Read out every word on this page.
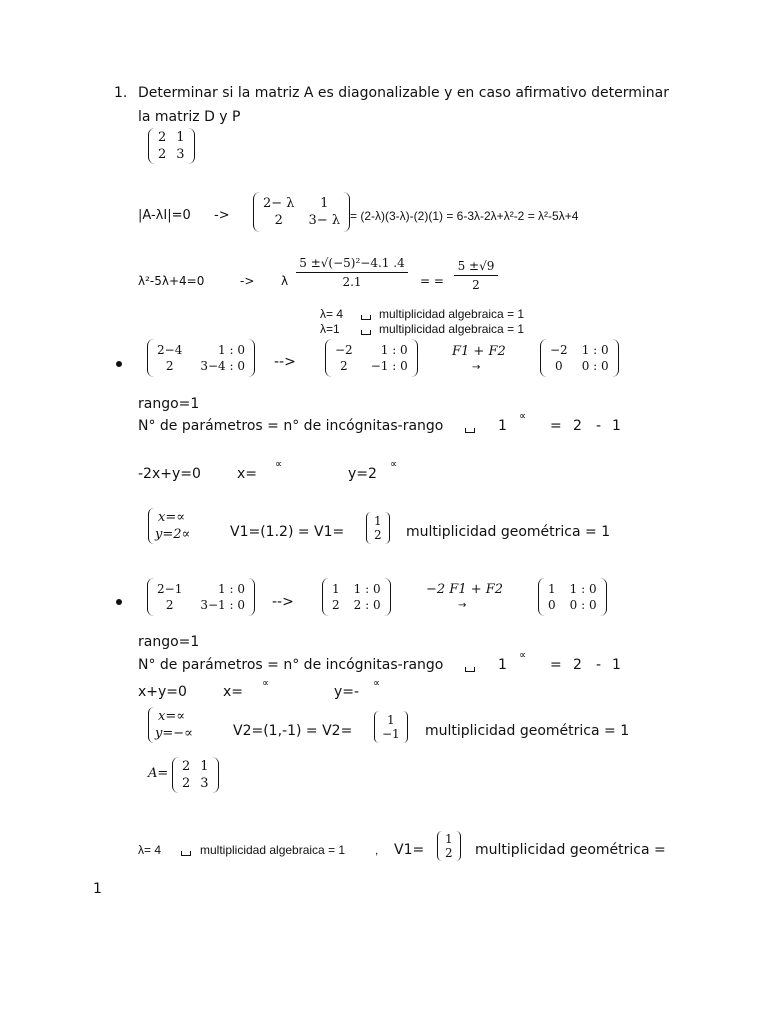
1. Determinar si la matriz A es diagonalizable y en caso afirmativo determinar
la matriz D y P
2 1
2 3
|A-λI|=0 ->
2− λ	1
2	3− λ = (2-λ)(3-λ)-(2)(1) = 6-3λ-2λ+λ²-2 = λ²-5λ+4
λ²-5λ+4=0	-> λ
5 ±√(−5)²−4.1 .4
2.1	= =
5 ±√9
2
λ= 4	multiplicidad algebraica = 1
λ=1	multiplicidad algebraica = 1
2−4	1 : 0
2	3−4 : 0 -->
−2	1 : 0
2	−1 : 0
F1 + F2
→
−2 1 : 0
0	0 : 0
rango=1
N° de parámetros = n° de incógnitas-rango	1
∝
= 2 - 1
-2x+y=0	x=
∝
y=2
∝
x=∝
y=2∝	V1=(1.2) = V1=
1
2 multiplicidad geométrica = 1
2−1	1 : 0
2	3−1 : 0 -->
1 1 : 0
2 2 : 0
−2 F1 + F2
→
1 1 : 0
0 0 : 0
rango=1
N° de parámetros = n° de incógnitas-rango	1
∝
= 2 - 1
x+y=0	x=
∝
y=-
∝
x=∝
y=−∝	V2=(1,-1) = V2=
1
−1 multiplicidad geométrica = 1
A= 2 1
2 3
λ= 4	multiplicidad algebraica = 1 , V1=
1
2 multiplicidad geométrica =
1
